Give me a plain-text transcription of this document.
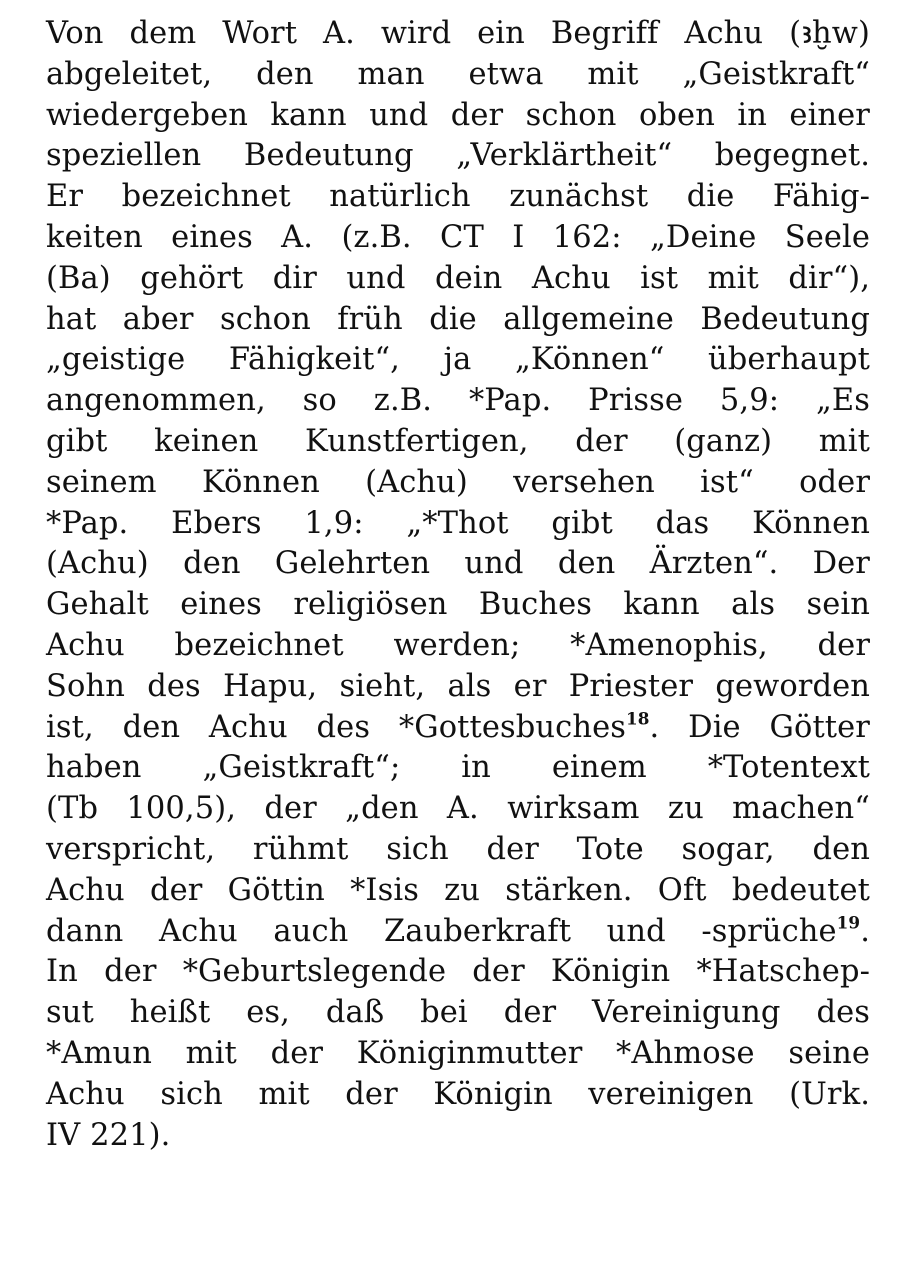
Von dem Wort A. wird ein Begriff Achu (ꜣḫw)
abgeleitet, den man etwa mit „Geistkraft“
wiedergeben kann und der schon oben in einer
speziellen Bedeutung „Verklärtheit“ begegnet.
Er bezeichnet natürlich zunächst die Fähig-
keiten eines A. (z.B. CT I 162: „Deine Seele
(Ba) gehört dir und dein Achu ist mit dir“),
hat aber schon früh die allgemeine Bedeutung
„geistige Fähigkeit“, ja „Können“ überhaupt
angenommen, so z.B. *Pap. Prisse 5,9: „Es
gibt keinen Kunstfertigen, der (ganz) mit
seinem Können (Achu) versehen ist“ oder
*Pap. Ebers 1,9: „*Thot gibt das Können
(Achu) den Gelehrten und den Ärzten“. Der
Gehalt eines religiösen Buches kann als sein
Achu bezeichnet werden; *Amenophis, der
Sohn des Hapu, sieht, als er Priester geworden
ist, den Achu des *Gottesbuches$^{18}$. Die Götter
haben „Geistkraft“; in einem *Totentext
(Tb 100,5), der „den A. wirksam zu machen“
verspricht, rühmt sich der Tote sogar, den
Achu der Göttin *Isis zu stärken. Oft bedeutet
dann Achu auch Zauberkraft und -sprüche$^{19}$.
In der *Geburtslegende der Königin *Hatschep-
sut heißt es, daß bei der Vereinigung des
*Amun mit der Königinmutter *Ahmose seine
Achu sich mit der Königin vereinigen (Urk.
IV 221).
